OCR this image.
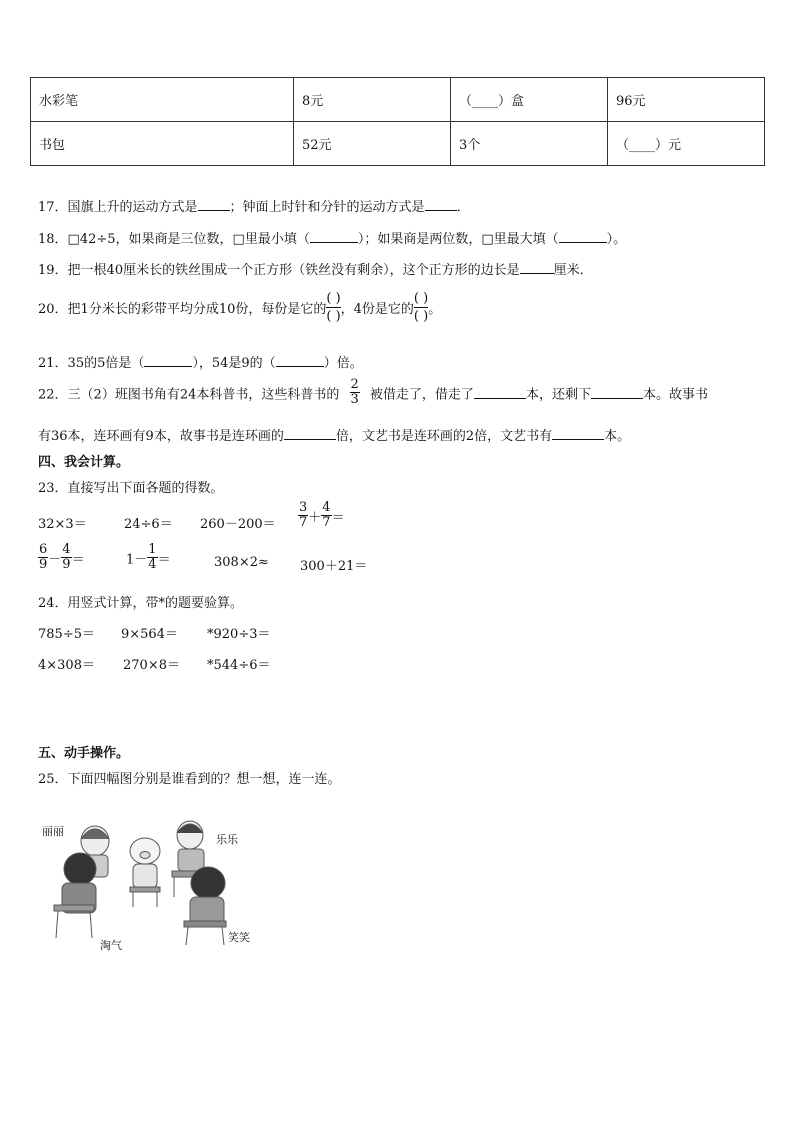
水彩笔	8元	（____）盒	96元
书包	52元	3个	（____）元
17．国旗上升的运动方式是 ；钟面上时针和分针的运动方式是 ．
18．□42÷5，如果商是三位数，□里最小填（	）；如果商是两位数，□里最大填（	）。
19．把一根40厘米长的铁丝围成一个正方形（铁丝没有剩余），这个正方形的边长是	厘米．
20．把1分米长的彩带平均分成10份，每份是它的
( )
( ) ，4份是它的
( )
( ) 。
21．35的5倍是（	），54是9的（	）倍。
22．三（2）班图书角有24本科普书，这些科普书的 $\frac{2}{3}$ 被借走了，借走了	本，还剩下	本。故事书
有36本，连环画有9本，故事书是连环画的	倍，文艺书是连环画的2倍，文艺书有	本。
四、我会计算。
23．直接写出下面各题的得数。
32×3＝	$24\div 6= 260-200= \frac{3}{7} + \frac{4}{7}$ ＝
$\frac{6}{9} - \frac{4}{9}$ ＝	$1- \frac{1}{4}$ ＝	308×2≈ 300＋21＝
24．用竖式计算，带*的题要验算。
785÷5＝ 9×564＝ *920÷3＝
4×308＝ 270×8＝ *544÷6＝
五、动手操作。
25．下面四幅图分别是谁看到的？想一想，连一连。
丽丽
乐乐
淘气
笑笑
